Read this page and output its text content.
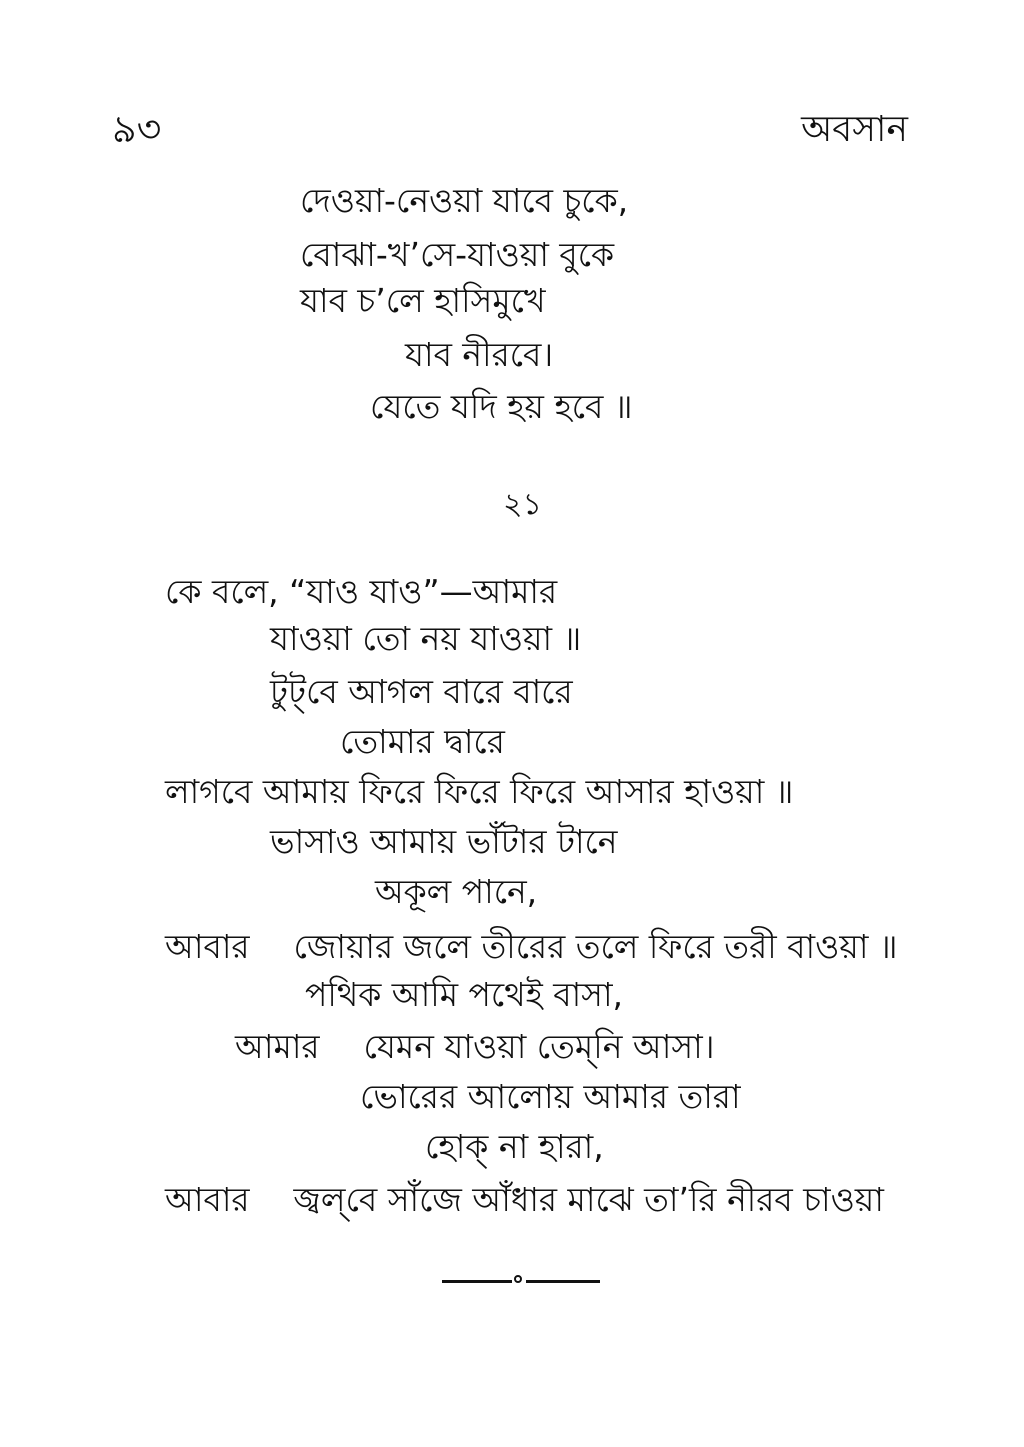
৯৩	অবসান
দেওয়া-নেওয়া যাবে চুকে,
বোঝা-খ’সে-যাওয়া বুকে
যাব চ’লে হাসিমুখে
যাব নীরবে।
যেতে যদি হয় হবে ॥
২১
কে বলে, “যাও যাও”—আমার
যাওয়া তো নয় যাওয়া ॥
টুট্‌বে আগল বারে বারে
তোমার দ্বারে
লাগবে আমায় ফিরে ফিরে ফিরে আসার হাওয়া ॥
ভাসাও আমায় ভাঁটার টানে
অকূল পানে,
আবার জোয়ার জলে তীরের তলে ফিরে তরী বাওয়া ॥
পথিক আমি পথেই বাসা,
আমার যেমন যাওয়া তেম্‌নি আসা।
ভোরের আলোয় আমার তারা
হোক্‌ না হারা,
আবার জ্বল্‌বে সাঁজে আঁধার মাঝে তা’রি নীরব চাওয়া
